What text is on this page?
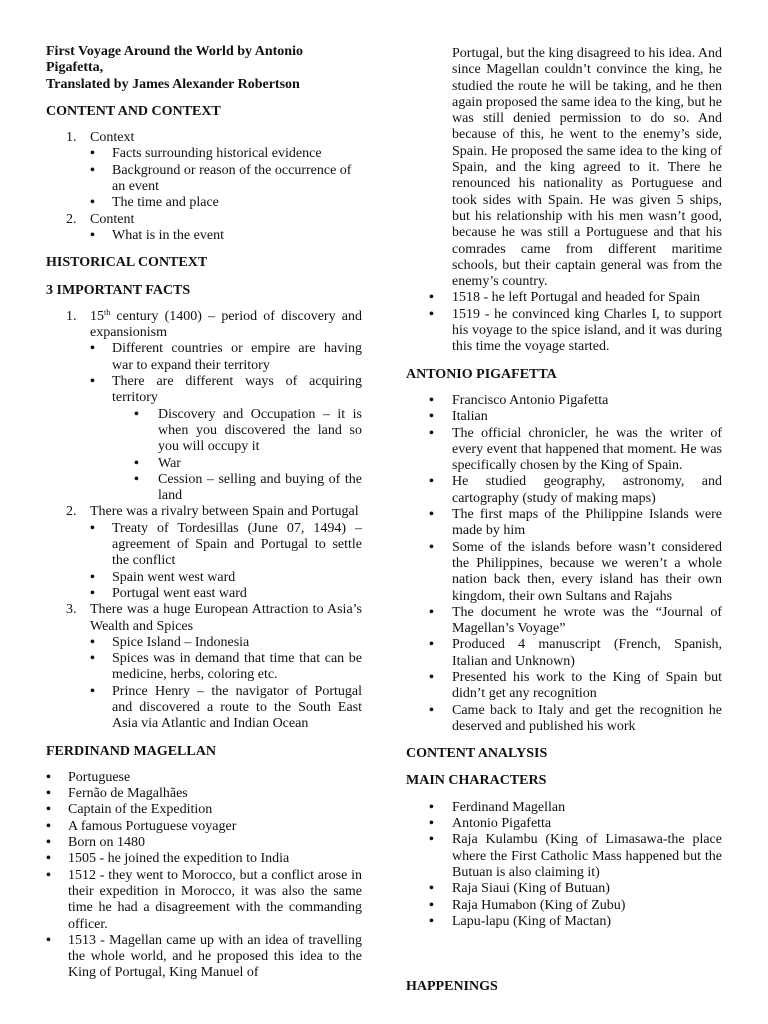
First Voyage Around the World by Antonio Pigafetta,
Translated by James Alexander Robertson
CONTENT AND CONTEXT
1. Context
• Facts surrounding historical evidence
• Background or reason of the occurrence of an event
• The time and place
2. Content
• What is in the event
HISTORICAL CONTEXT
3 IMPORTANT FACTS
1. 15th century (1400) – period of discovery and expansionism
• Different countries or empire are having war to expand their territory
• There are different ways of acquiring territory
• Discovery and Occupation – it is when you discovered the land so you will occupy it
• War
• Cession – selling and buying of the land
2. There was a rivalry between Spain and Portugal
• Treaty of Tordesillas (June 07, 1494) – agreement of Spain and Portugal to settle the conflict
• Spain went west ward
• Portugal went east ward
3. There was a huge European Attraction to Asia’s Wealth and Spices
• Spice Island – Indonesia
• Spices was in demand that time that can be medicine, herbs, coloring etc.
• Prince Henry – the navigator of Portugal and discovered a route to the South East Asia via Atlantic and Indian Ocean
FERDINAND MAGELLAN
• Portuguese
• Fernão de Magalhães
• Captain of the Expedition
• A famous Portuguese voyager
• Born on 1480
• 1505 - he joined the expedition to India
• 1512 - they went to Morocco, but a conflict arose in their expedition in Morocco, it was also the same time he had a disagreement with the commanding officer.
• 1513 - Magellan came up with an idea of travelling the whole world, and he proposed this idea to the King of Portugal, King Manuel of
Portugal, but the king disagreed to his idea. And since Magellan couldn’t convince the king, he studied the route he will be taking, and he then again proposed the same idea to the king, but he was still denied permission to do so. And because of this, he went to the enemy’s side, Spain. He proposed the same idea to the king of Spain, and the king agreed to it. There he renounced his nationality as Portuguese and took sides with Spain. He was given 5 ships, but his relationship with his men wasn’t good, because he was still a Portuguese and that his comrades came from different maritime schools, but their captain general was from the enemy’s country.
• 1518 - he left Portugal and headed for Spain
• 1519 - he convinced king Charles I, to support his voyage to the spice island, and it was during this time the voyage started.
ANTONIO PIGAFETTA
• Francisco Antonio Pigafetta
• Italian
• The official chronicler, he was the writer of every event that happened that moment. He was specifically chosen by the King of Spain.
• He studied geography, astronomy, and cartography (study of making maps)
• The first maps of the Philippine Islands were made by him
• Some of the islands before wasn’t considered the Philippines, because we weren’t a whole nation back then, every island has their own kingdom, their own Sultans and Rajahs
• The document he wrote was the “Journal of Magellan’s Voyage”
• Produced 4 manuscript (French, Spanish, Italian and Unknown)
• Presented his work to the King of Spain but didn’t get any recognition
• Came back to Italy and get the recognition he deserved and published his work
CONTENT ANALYSIS
MAIN CHARACTERS
• Ferdinand Magellan
• Antonio Pigafetta
• Raja Kulambu (King of Limasawa-the place where the First Catholic Mass happened but the Butuan is also claiming it)
• Raja Siaui (King of Butuan)
• Raja Humabon (King of Zubu)
• Lapu-lapu (King of Mactan)
HAPPENINGS
